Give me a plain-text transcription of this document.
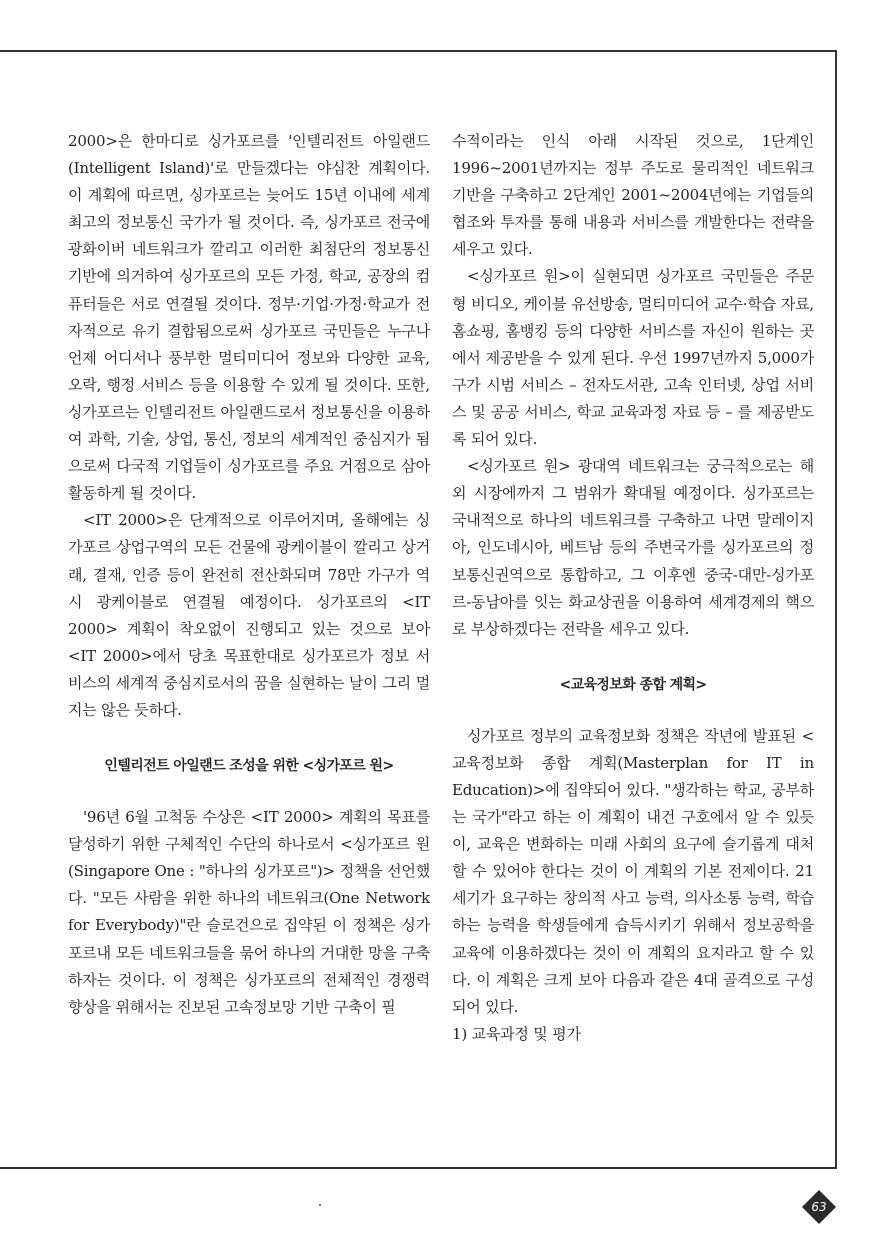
2000>은 한마디로 싱가포르를 '인텔리전트 아일랜드(Intelligent Island)'로 만들겠다는 야심찬 계획이다. 이 계획에 따르면, 싱가포르는 늦어도 15년 이내에 세계 최고의 정보통신 국가가 될 것이다. 즉, 싱가포르 전국에 광화이버 네트워크가 깔리고 이러한 최첨단의 정보통신 기반에 의거하여 싱가포르의 모든 가정, 학교, 공장의 컴퓨터들은 서로 연결될 것이다. 정부·기업·가정·학교가 전자적으로 유기 결합됨으로써 싱가포르 국민들은 누구나 언제 어디서나 풍부한 멀티미디어 정보와 다양한 교육, 오락, 행정 서비스 등을 이용할 수 있게 될 것이다. 또한, 싱가포르는 인텔리전트 아일랜드로서 정보통신을 이용하여 과학, 기술, 상업, 통신, 정보의 세계적인 중심지가 됨으로써 다국적 기업들이 싱가포르를 주요 거점으로 삼아 활동하게 될 것이다.

<IT 2000>은 단계적으로 이루어지며, 올해에는 싱가포르 상업구역의 모든 건물에 광케이블이 깔리고 상거래, 결재, 인증 등이 완전히 전산화되며 78만 가구가 역시 광케이블로 연결될 예정이다. 싱가포르의 <IT 2000> 계획이 착오없이 진행되고 있는 것으로 보아 <IT 2000>에서 당초 목표한대로 싱가포르가 정보 서비스의 세계적 중심지로서의 꿈을 실현하는 날이 그리 멀지는 않은 듯하다.

인텔리전트 아일랜드 조성을 위한 <싱가포르 원>

'96년 6월 고척동 수상은 <IT 2000> 계획의 목표를 달성하기 위한 구체적인 수단의 하나로서 <싱가포르 원(Singapore One : "하나의 싱가포르")> 정책을 선언했다. "모든 사람을 위한 하나의 네트워크(One Network for Everybody)"란 슬로건으로 집약된 이 정책은 싱가포르내 모든 네트워크들을 묶어 하나의 거대한 망을 구축하자는 것이다. 이 정책은 싱가포르의 전체적인 경쟁력 향상을 위해서는 진보된 고속정보망 기반 구축이 필

수적이라는 인식 아래 시작된 것으로, 1단계인 1996~2001년까지는 정부 주도로 물리적인 네트워크 기반을 구축하고 2단계인 2001~2004년에는 기업들의 협조와 투자를 통해 내용과 서비스를 개발한다는 전략을 세우고 있다.

<싱가포르 원>이 실현되면 싱가포르 국민들은 주문형 비디오, 케이블 유선방송, 멀티미디어 교수·학습 자료, 홈쇼핑, 홈뱅킹 등의 다양한 서비스를 자신이 원하는 곳에서 제공받을 수 있게 된다. 우선 1997년까지 5,000가구가 시범 서비스 – 전자도서관, 고속 인터넷, 상업 서비스 및 공공 서비스, 학교 교육과정 자료 등 – 를 제공받도록 되어 있다.

<싱가포르 원> 광대역 네트워크는 궁극적으로는 해외 시장에까지 그 범위가 확대될 예정이다. 싱가포르는 국내적으로 하나의 네트워크를 구축하고 나면 말레이지아, 인도네시아, 베트남 등의 주변국가를 싱가포르의 정보통신권역으로 통합하고, 그 이후엔 중국-대만-싱가포르-동남아를 잇는 화교상권을 이용하여 세계경제의 핵으로 부상하겠다는 전략을 세우고 있다.

<교육정보화 종합 계획>

싱가포르 정부의 교육정보화 정책은 작년에 발표된 <교육정보화 종합 계획(Masterplan for IT in Education)>에 집약되어 있다. "생각하는 학교, 공부하는 국가"라고 하는 이 계획이 내건 구호에서 알 수 있듯이, 교육은 변화하는 미래 사회의 요구에 슬기롭게 대처할 수 있어야 한다는 것이 이 계획의 기본 전제이다. 21세기가 요구하는 창의적 사고 능력, 의사소통 능력, 학습하는 능력을 학생들에게 습득시키기 위해서 정보공학을 교육에 이용하겠다는 것이 이 계획의 요지라고 할 수 있다. 이 계획은 크게 보아 다음과 같은 4대 골격으로 구성되어 있다.

1) 교육과정 및 평가

63
